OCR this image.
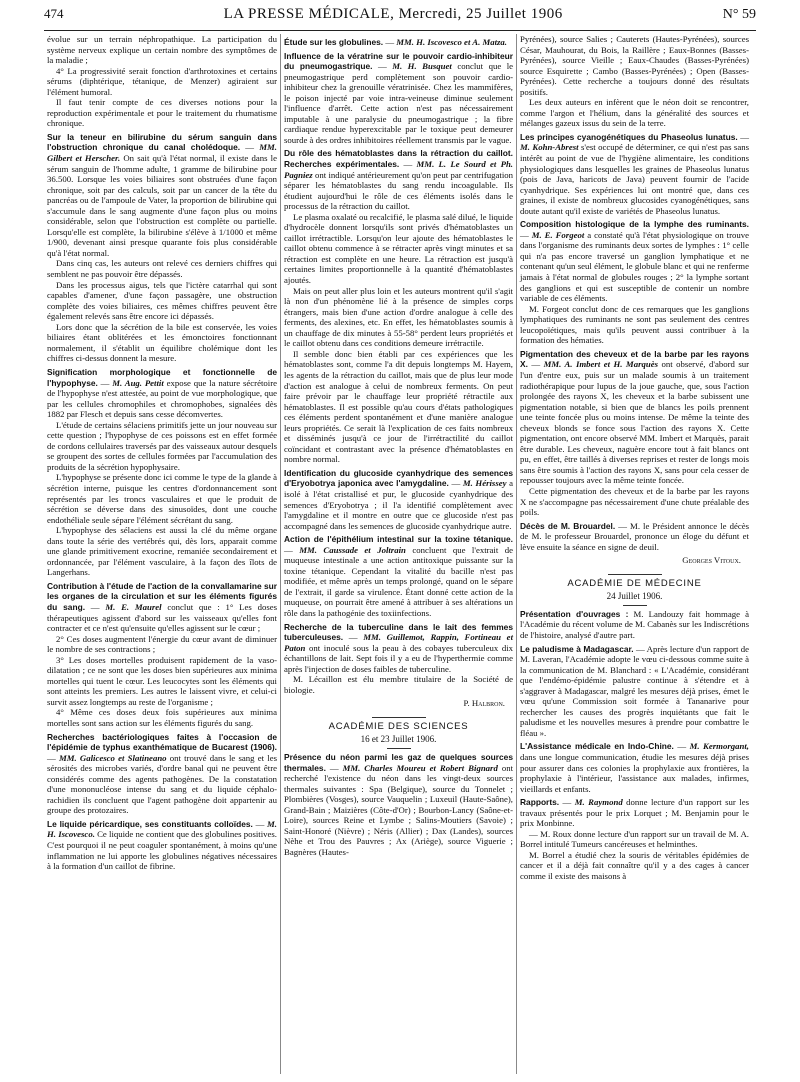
474	LA PRESSE MÉDICALE, Mercredi, 25 Juillet 1906	N° 59

évolue sur un terrain néphropathique. La participation du système nerveux explique un certain nombre des symptômes de la maladie ;

4° La progressivité serait fonction d'arthrotoxines et certains sérums (diphtérique, tétanique, de Menzer) agiraient sur l'élément humoral.

Il faut tenir compte de ces diverses notions pour la reproduction expérimentale et pour le traitement du rhumatisme chronique.

Sur la teneur en bilirubine du sérum sanguin dans l'obstruction chronique du canal cholédoque. — MM. Gilbert et Herscher. On sait qu'à l'état normal, il existe dans le sérum sanguin de l'homme adulte, 1 gramme de bilirubine pour 36.500. Lorsque les voies biliaires sont obstruées d'une façon chronique, soit par des calculs, soit par un cancer de la tête du pancréas ou de l'ampoule de Vater, la proportion de bilirubine qui s'accumule dans le sang augmente d'une façon plus ou moins considérable, selon que l'obstruction est complète ou partielle. Lorsqu'elle est complète, la bilirubine s'élève à 1/1000 et même 1/900, devenant ainsi presque quarante fois plus considérable qu'à l'état normal.

Dans cinq cas, les auteurs ont relevé ces derniers chiffres qui semblent ne pas pouvoir être dépassés.

Dans les processus aigus, tels que l'ictère catarrhal qui sont capables d'amener, d'une façon passagère, une obstruction complète des voies biliaires, ces mêmes chiffres peuvent être également relevés sans être encore ici dépassés.

Lors donc que la sécrétion de la bile est conservée, les voies biliaires étant oblitérées et les émonctoires fonctionnant normalement, il s'établit un équilibre cholémique dont les chiffres ci-dessus donnent la mesure.

Signification morphologique et fonctionnelle de l'hypophyse. — M. Aug. Pettit expose que la nature sécrétoire de l'hypophyse n'est attestée, au point de vue morphologique, que par les cellules chromophiles et chromophobes, signalées dès 1882 par Flesch et depuis sans cesse décomvertes.

L'étude de certains sélaciens primitifs jette un jour nouveau sur cette question ; l'hypophyse de ces poissons est en effet formée de cordons cellulaires traversés par des vaisseaux autour desquels se groupent des sortes de cellules formées par l'accumulation des produits de la sécrétion hypophysaire.

L'hypophyse se présente donc ici comme le type de la glande à sécrétion interne, puisque les centres d'ordonnancement sont représentés par les troncs vasculaires et que le produit de sécrétion se déverse dans des sinusoïdes, dont une couche endothéliale seule sépare l'élément sécrétant du sang.

L'hypophyse des sélaciens est aussi la clé du même organe dans toute la série des vertébrés qui, dès lors, apparait comme une glande primitivement exocrine, remaniée secondairement et ordonnancée, par l'élément vasculaire, à la façon des îlots de Langerhans.

Contribution à l'étude de l'action de la convallamarine sur les organes de la circulation et sur les éléments figurés du sang. — M. E. Maurel conclut que : 1° Les doses thérapeutiques agissent d'abord sur les vaisseaux qu'elles font contracter et ce n'est qu'ensuite qu'elles agissent sur le cœur ;

2° Ces doses augmentent l'énergie du cœur avant de diminuer le nombre de ses contractions ;

3° Les doses mortelles produisent rapidement de la vaso-dilatation ; ce ne sont que les doses bien supérieures aux minima mortelles qui tuent le cœur. Les leucocytes sont les éléments qui sont atteints les premiers. Les autres le laissent vivre, et celui-ci survit assez longtemps au reste de l'organisme ;

4° Même ces doses deux fois supérieures aux minima mortelles sont sans action sur les éléments figurés du sang.

Recherches bactériologiques faites à l'occasion de l'épidémie de typhus exanthématique de Bucarest (1906). — MM. Galicesco et Slatineano ont trouvé dans le sang et les sérosités des microbes variés, d'ordre banal qui ne peuvent être considérés comme des agents pathogènes. De la constatation d'une mononucléose intense du sang et du liquide céphalo-rachidien ils concluent que l'agent pathogène doit appartenir au groupe des protozaires.

Le liquide péricardique, ses constituants colloïdes. — M. H. Iscovesco. Ce liquide ne contient que des globulines positives. C'est pourquoi il ne peut coaguler spontanément, à moins qu'une inflammation ne lui apporte les globulines négatives nécessaires à la formation d'un caillot de fibrine.

Étude sur les globulines. — MM. H. Iscovesco et A. Matza.

Influence de la vératrine sur le pouvoir cardio-inhibiteur du pneumogastrique. — M. H. Busquet conclut que le pneumogastrique perd complètement son pouvoir cardio-inhibiteur chez la grenouille vératrinisée. Chez les mammifères, le poison injecté par voie intra-veineuse diminue seulement l'influence d'arrêt. Cette action n'est pas nécessairement imputable à une paralysie du pneumogastrique ; la fibre cardiaque rendue hyperexcitable par le toxique peut demeurer sourde à des ordres inhibitoires réellement transmis par le vague.

Du rôle des hématoblastes dans la rétraction du caillot. Recherches expérimentales. — MM. L. Le Sourd et Ph. Pagniez ont indiqué antérieurement qu'on peut par centrifugation séparer les hématoblastes du sang rendu incoagulable. Ils étudient aujourd'hui le rôle de ces éléments isolés dans le processus de la rétraction du caillot.

Le plasma oxalaté ou recalcifié, le plasma salé dilué, le liquide d'hydrocèle donnent lorsqu'ils sont privés d'hématoblastes un caillot irrétractible. Lorsqu'on leur ajoute des hématoblastes le caillot obtenu commence à se rétracter après vingt minutes et sa rétraction est complète en une heure. La rétraction est jusqu'à certaines limites proportionnelle à la quantité d'hématoblastes ajoutés.

Mais on peut aller plus loin et les auteurs montrent qu'il s'agit là non d'un phénomène lié à la présence de simples corps étrangers, mais bien d'une action d'ordre analogue à celle des ferments, des alexines, etc. En effet, les hématoblastes soumis à un chauffage de dix minutes à 55-58° perdent leurs propriétés et le caillot obtenu dans ces conditions demeure irrétractile.

Il semble donc bien établi par ces expériences que les hématoblastes sont, comme l'a dit depuis longtemps M. Hayem, les agents de la rétraction du caillot, mais que de plus leur mode d'action est analogue à celui de nombreux ferments. On peut faire prévoir par le chauffage leur propriété rétractile aux hématoblastes. Il est possible qu'au cours d'états pathologiques ces éléments perdent spontanément et d'une manière analogue leurs propriétés. Ce serait là l'explication de ces faits nombreux et disséminés jusqu'à ce jour de l'irrétractilité du caillot coïncidant et contrastant avec la présence d'hématoblastes en nombre normal.

Identification du glucoside cyanhydrique des semences d'Eryobotrya japonica avec l'amygdaline. — M. Hérissey a isolé à l'état cristallisé et pur, le glucoside cyanhydrique des semences d'Eryobotrya ; il l'a identifié complètement avec l'amygdaline et il montre en outre que ce glucoside n'est pas accompagné dans les semences de glucoside cyanhydrique autre.

Action de l'épithélium intestinal sur la toxine tétanique. — MM. Caussade et Joltrain concluent que l'extrait de muqueuse intestinale a une action antitoxique puissante sur la toxine tétanique. Cependant la vitalité du bacille n'est pas modifiée, et même après un temps prolongé, quand on le sépare de l'extrait, il garde sa virulence. Étant donné cette action de la muqueuse, on pourrait être amené à attribuer à ses altérations un rôle dans la pathogénie des toxiinfections.

Recherche de la tuberculine dans le lait des femmes tuberculeuses. — MM. Guillemot, Rappin, Fortineau et Paton ont inoculé sous la peau à des cobayes tuberculeux dix échantillons de lait. Sept fois il y a eu de l'hyperthermie comme après l'injection de doses faibles de tuberculine.

M. Lécaillon est élu membre titulaire de la Société de biologie.

P. Halbron.

ACADÉMIE DES SCIENCES
16 et 23 Juillet 1906.

Présence du néon parmi les gaz de quelques sources thermales. — MM. Charles Moureu et Robert Bignard ont recherché l'existence du néon dans les vingt-deux sources thermales suivantes : Spa (Belgique), source du Tonnelet ; Plombières (Vosges), source Vauquelin ; Luxeuil (Haute-Saône), Grand-Bain ; Maizières (Côte-d'Or) ; Bourbon-Lancy (Saône-et-Loire), sources Reine et Lymbe ; Salins-Moutiers (Savoie) ; Saint-Honoré (Nièvre) ; Néris (Allier) ; Dax (Landes), sources Nèhe et Trou des Pauvres ; Ax (Ariège), source Viguerie ; Bagnères (Hautes-

Pyrénées), source Salies ; Cauterets (Hautes-Pyrénées), sources César, Mauhourat, du Bois, la Raillère ; Eaux-Bonnes (Basses-Pyrénées), source Vieille ; Eaux-Chaudes (Basses-Pyrénées) source Esquirette ; Cambo (Basses-Pyrénées) ; Open (Basses-Pyrénées). Cette recherche a toujours donné des résultats positifs.

Les deux auteurs en infèrent que le néon doit se rencontrer, comme l'argon et l'hélium, dans la généralité des sources et mélanges gazeux issus du sein de la terre.

Les principes cyanogénétiques du Phaseolus lunatus. — M. Kohn-Abrest s'est occupé de déterminer, ce qui n'est pas sans intérêt au point de vue de l'hygiène alimentaire, les conditions physiologiques dans lesquelles les graines de Phaseolus lunatus (pois de Java, haricots de Java) peuvent fournir de l'acide cyanhydrique. Ses expériences lui ont montré que, dans ces graines, il existe de nombreux glucosides cyanogénétiques, sans doute autant qu'il existe de variétés de Phaseolus lunatus.

Composition histologique de la lymphe des ruminants. — M. E. Forgeot a constaté qu'à l'état physiologique on trouve dans l'organisme des ruminants deux sortes de lymphes : 1° celle qui n'a pas encore traversé un ganglion lymphatique et ne contenant qu'un seul élément, le globule blanc et qui ne renferme jamais à l'état normal de globules rouges ; 2° la lymphe sortant des ganglions et qui est susceptible de contenir un nombre variable de ces éléments.

M. Forgeot conclut donc de ces remarques que les ganglions lymphatiques des ruminants ne sont pas seulement des centres leucopoïétiques, mais qu'ils peuvent aussi contribuer à la formation des hématies.

Pigmentation des cheveux et de la barbe par les rayons X. — MM. A. Imbert et H. Marquès ont observé, d'abord sur l'un d'entre eux, puis sur un malade soumis à un traitement radiothérapique pour lupus de la joue gauche, que, sous l'action prolongée des rayons X, les cheveux et la barbe subissent une pigmentation notable, si bien que de blancs les poils prennent une teinte foncée plus ou moins intense. De même la teinte des cheveux blonds se fonce sous l'action des rayons X. Cette pigmentation, ont encore observé MM. Imbert et Marquès, parait être durable. Les cheveux, naguère encore tout à fait blancs ont pu, en effet, être taillés à diverses reprises et rester de longs mois sans être soumis à l'action des rayons X, sans pour cela cesser de repousser toujours avec la même teinte foncée.

Cette pigmentation des cheveux et de la barbe par les rayons X ne s'accompagne pas nécessairement d'une chute préalable des poils.

Décès de M. Brouardel. — M. le Président annonce le décès de M. le professeur Brouardel, prononce un éloge du défunt et lève ensuite la séance en signe de deuil.

Georges Vitoux.

ACADÉMIE DE MÉDECINE
24 Juillet 1906.

Présentation d'ouvrages : M. Landouzy fait hommage à l'Académie du récent volume de M. Cabanès sur les Indiscrétions de l'histoire, analysé d'autre part.

Le paludisme à Madagascar. — Après lecture d'un rapport de M. Laveran, l'Académie adopte le vœu ci-dessous comme suite à la communication de M. Blanchard : « L'Académie, considérant que l'endémo-épidémie palustre continue à s'étendre et à s'aggraver à Madagascar, malgré les mesures déjà prises, émet le vœu qu'une Commission soit formée à Tananarive pour rechercher les causes des progrès inquiétants que fait le paludisme et les nouvelles mesures à prendre pour combattre le fléau ».

L'Assistance médicale en Indo-Chine. — M. Kermorgant, dans une longue communication, étudie les mesures déjà prises pour assurer dans ces colonies la prophylaxie aux frontières, la prophylaxie à l'intérieur, l'assistance aux malades, infirmes, vieillards et enfants.

Rapports. — M. Raymond donne lecture d'un rapport sur les travaux présentés pour le prix Lorquet ; M. Benjamin pour le prix Monbinne.

— M. Roux donne lecture d'un rapport sur un travail de M. A. Borrel intitulé Tumeurs cancéreuses et helminthes.

M. Borrel a étudié chez la souris de véritables épidémies de cancer et il a déjà fait connaître qu'il y a des cages à cancer comme il existe des maisons à
